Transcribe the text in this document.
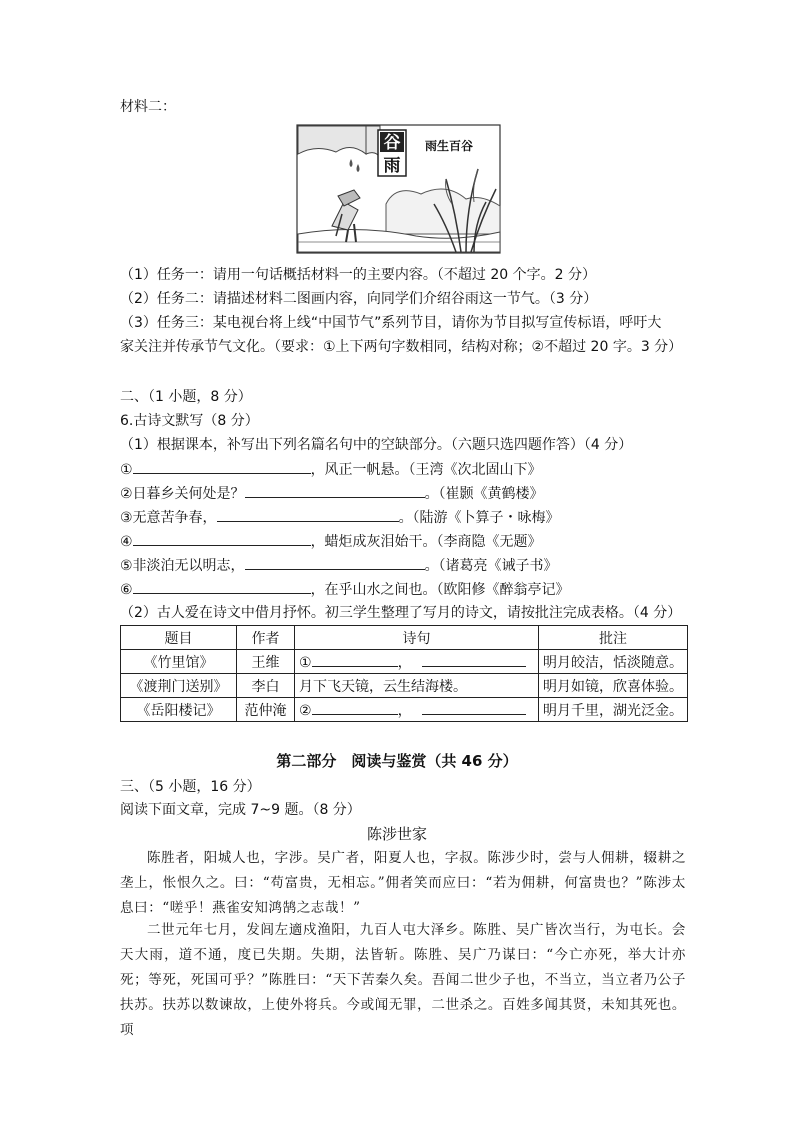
材料二：
谷
雨
雨生百谷
（1）任务一：请用一句话概括材料一的主要内容。（不超过 20 个字。2 分）
（2）任务二：请描述材料二图画内容，向同学们介绍谷雨这一节气。（3 分）
（3）任务三：某电视台将上线“中国节气”系列节目，请你为节目拟写宣传标语，呼吁大
家关注并传承节气文化。（要求：①上下两句字数相同，结构对称；②不超过 20 字。3 分）
二、（1 小题，8 分）
6.古诗文默写（8 分）
（1）根据课本，补写出下列名篇名句中的空缺部分。（六题只选四题作答）（4 分）
①	，风正一帆悬。（王湾《次北固山下》
②日暮乡关何处是？	。（崔颢《黄鹤楼》
③无意苦争春，	。（陆游《卜算子・咏梅》
④	，蜡炬成灰泪始干。（李商隐《无题》
⑤非淡泊无以明志，	。（诸葛亮《诫子书》
⑥	，在乎山水之间也。（欧阳修《醉翁亭记》
（2）古人爱在诗文中借月抒怀。初三学生整理了写月的诗文，请按批注完成表格。（4 分）
题目	作者	诗句	批注
《竹里馆》	王维	① ，	明月皎洁，恬淡随意。
《渡荆门送别》	李白	月下飞天镜，云生结海楼。	明月如镜，欣喜体验。
《岳阳楼记》	范仲淹	② ，	明月千里，湖光泛金。
第二部分　阅读与鉴赏（共 46 分）
三、（5 小题，16 分）
阅读下面文章，完成 7~9 题。（8 分）
陈涉世家
陈胜者，阳城人也，字涉。吴广者，阳夏人也，字叔。陈涉少时，尝与人佣耕，辍耕之垄上，怅恨久之。曰：“苟富贵，无相忘。”佣者笑而应曰：“若为佣耕，何富贵也？”陈涉太息曰：“嗟乎！燕雀安知鸿鹄之志哉！”
二世元年七月，发闾左適戍渔阳，九百人屯大泽乡。陈胜、吴广皆次当行，为屯长。会天大雨，道不通，度已失期。失期，法皆斩。陈胜、吴广乃谋曰：“今亡亦死，举大计亦死；等死，死国可乎？”陈胜曰：“天下苦秦久矣。吾闻二世少子也，不当立，当立者乃公子扶苏。扶苏以数谏故，上使外将兵。今或闻无罪，二世杀之。百姓多闻其贤，未知其死也。项
